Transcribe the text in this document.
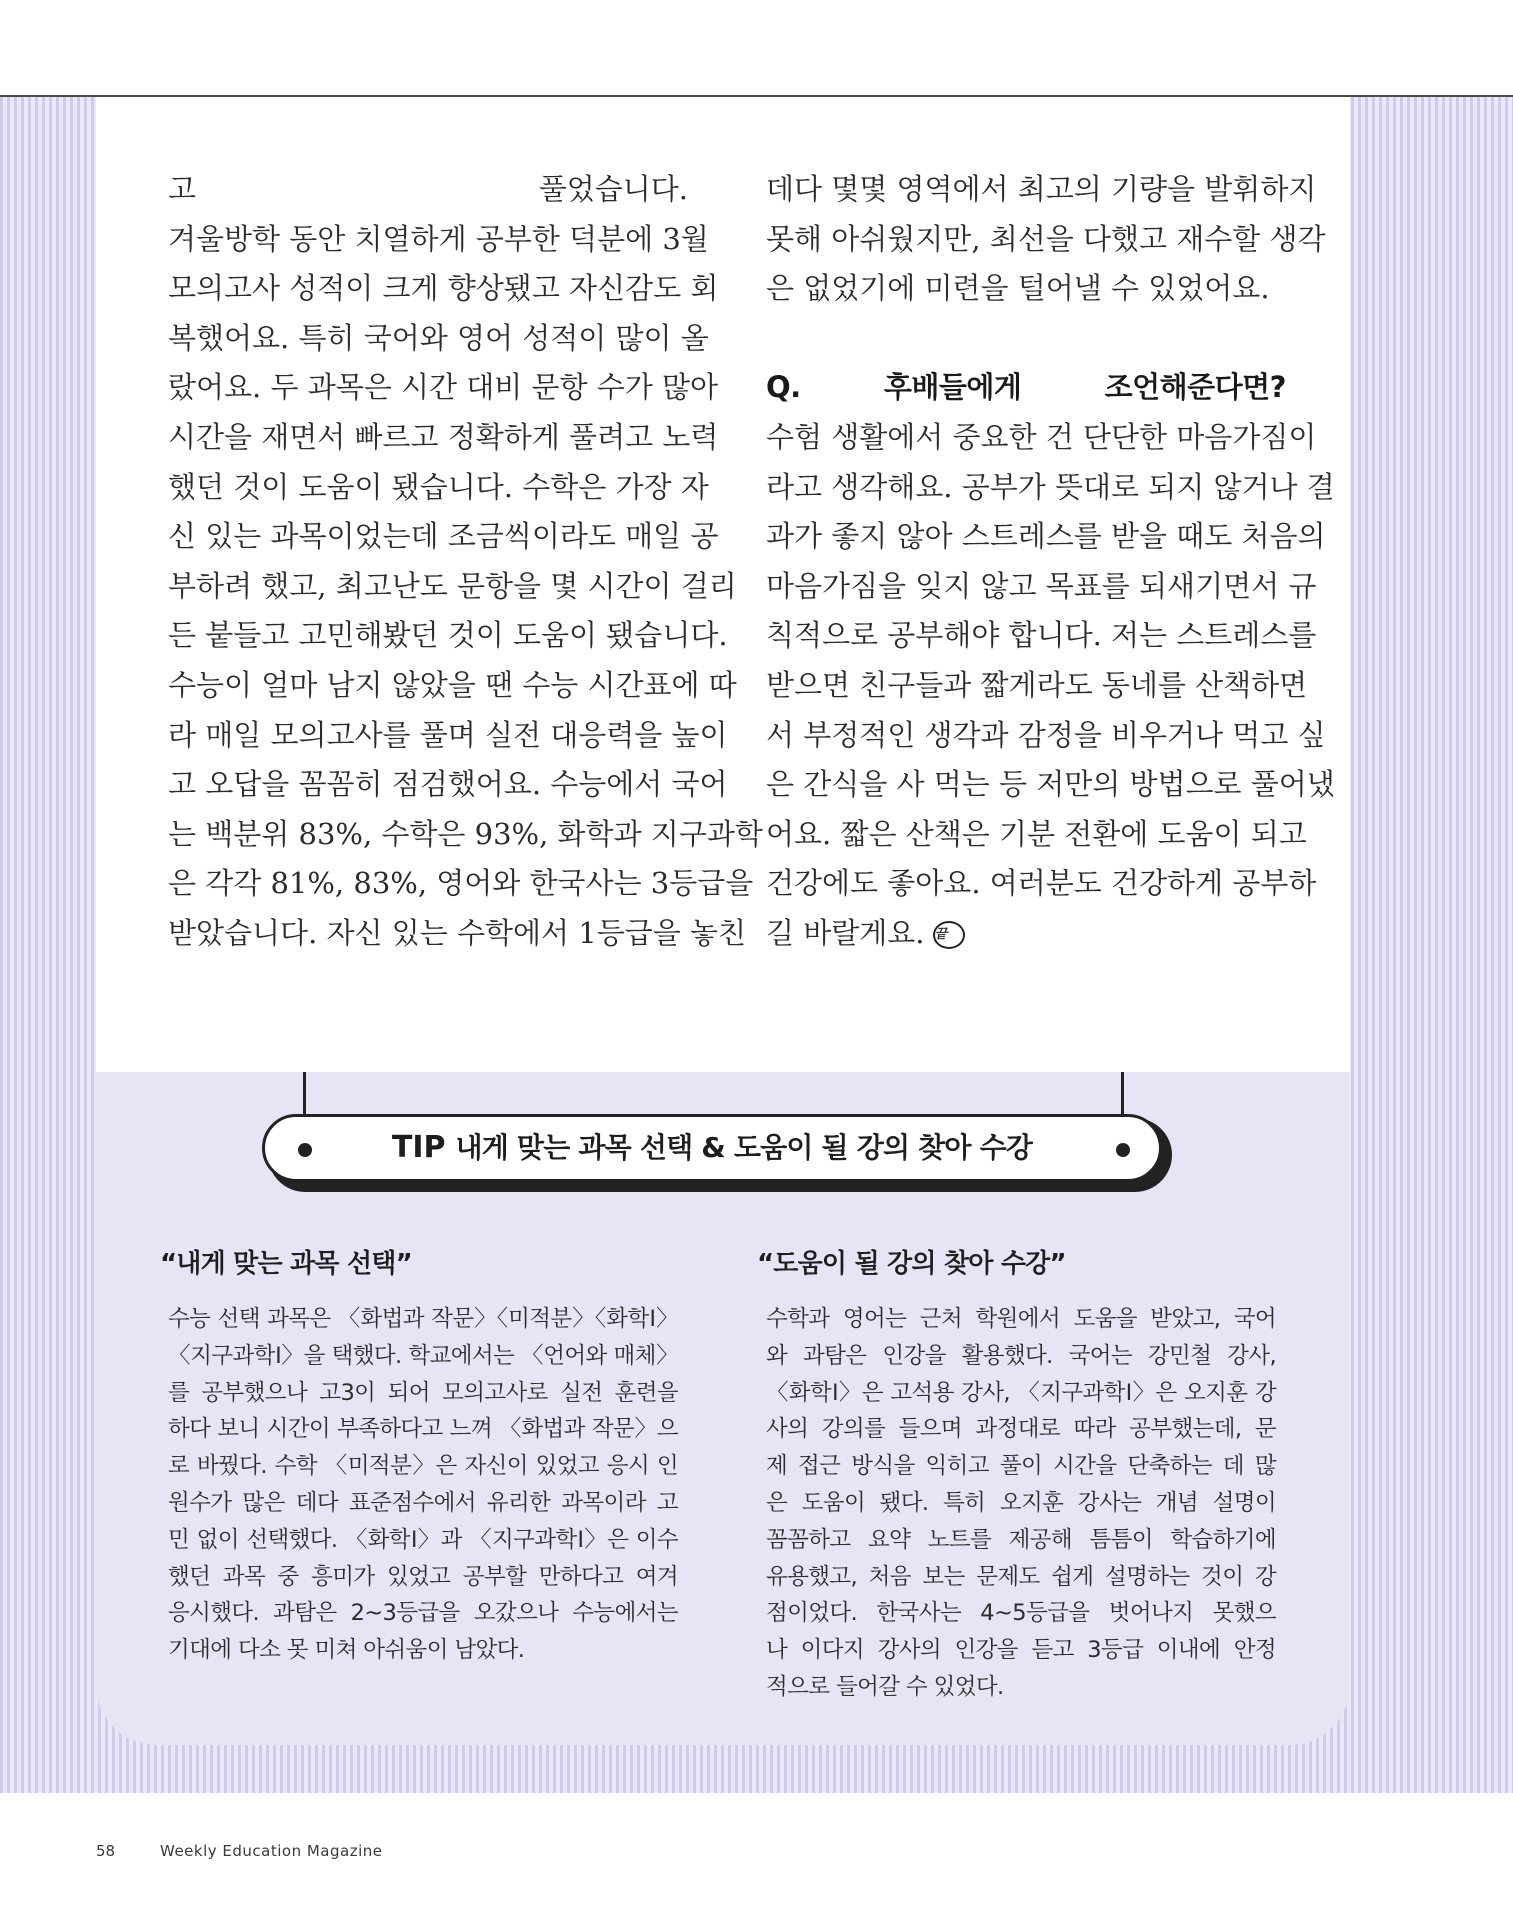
고 풀었습니다.
겨울방학 동안 치열하게 공부한 덕분에 3월
모의고사 성적이 크게 향상됐고 자신감도 회
복했어요. 특히 국어와 영어 성적이 많이 올
랐어요. 두 과목은 시간 대비 문항 수가 많아
시간을 재면서 빠르고 정확하게 풀려고 노력
했던 것이 도움이 됐습니다. 수학은 가장 자
신 있는 과목이었는데 조금씩이라도 매일 공
부하려 했고, 최고난도 문항을 몇 시간이 걸리
든 붙들고 고민해봤던 것이 도움이 됐습니다.
수능이 얼마 남지 않았을 땐 수능 시간표에 따
라 매일 모의고사를 풀며 실전 대응력을 높이
고 오답을 꼼꼼히 점검했어요. 수능에서 국어
는 백분위 83%, 수학은 93%, 화학과 지구과학
은 각각 81%, 83%, 영어와 한국사는 3등급을
받았습니다. 자신 있는 수학에서 1등급을 놓친
데다 몇몇 영역에서 최고의 기량을 발휘하지
못해 아쉬웠지만, 최선을 다했고 재수할 생각
은 없었기에 미련을 털어낼 수 있었어요.
Q. 후배들에게 조언해준다면?
수험 생활에서 중요한 건 단단한 마음가짐이
라고 생각해요. 공부가 뜻대로 되지 않거나 결
과가 좋지 않아 스트레스를 받을 때도 처음의
마음가짐을 잊지 않고 목표를 되새기면서 규
칙적으로 공부해야 합니다. 저는 스트레스를
받으면 친구들과 짧게라도 동네를 산책하면
서 부정적인 생각과 감정을 비우거나 먹고 싶
은 간식을 사 먹는 등 저만의 방법으로 풀어냈
어요. 짧은 산책은 기분 전환에 도움이 되고
건강에도 좋아요. 여러분도 건강하게 공부하
길 바랄게요. 끝
TIP 내게 맞는 과목 선택 & 도움이 될 강의 찾아 수강
“내게 맞는 과목 선택”	“도움이 될 강의 찾아 수강”
수능 선택 과목은 〈화법과 작문〉〈미적분〉〈화학Ⅰ〉
〈지구과학Ⅰ〉을 택했다. 학교에서는 〈언어와 매체〉
를 공부했으나 고3이 되어 모의고사로 실전 훈련을
하다 보니 시간이 부족하다고 느껴 〈화법과 작문〉으
로 바꿨다. 수학 〈미적분〉은 자신이 있었고 응시 인
원수가 많은 데다 표준점수에서 유리한 과목이라 고
민 없이 선택했다. 〈화학Ⅰ〉과 〈지구과학Ⅰ〉은 이수
했던 과목 중 흥미가 있었고 공부할 만하다고 여겨
응시했다. 과탐은 2~3등급을 오갔으나 수능에서는
기대에 다소 못 미쳐 아쉬움이 남았다.
수학과 영어는 근처 학원에서 도움을 받았고, 국어
와 과탐은 인강을 활용했다. 국어는 강민철 강사,
〈화학Ⅰ〉은 고석용 강사, 〈지구과학Ⅰ〉은 오지훈 강
사의 강의를 들으며 과정대로 따라 공부했는데, 문
제 접근 방식을 익히고 풀이 시간을 단축하는 데 많
은 도움이 됐다. 특히 오지훈 강사는 개념 설명이
꼼꼼하고 요약 노트를 제공해 틈틈이 학습하기에
유용했고, 처음 보는 문제도 쉽게 설명하는 것이 강
점이었다. 한국사는 4~5등급을 벗어나지 못했으
나 이다지 강사의 인강을 듣고 3등급 이내에 안정
적으로 들어갈 수 있었다.
58	Weekly Education Magazine
